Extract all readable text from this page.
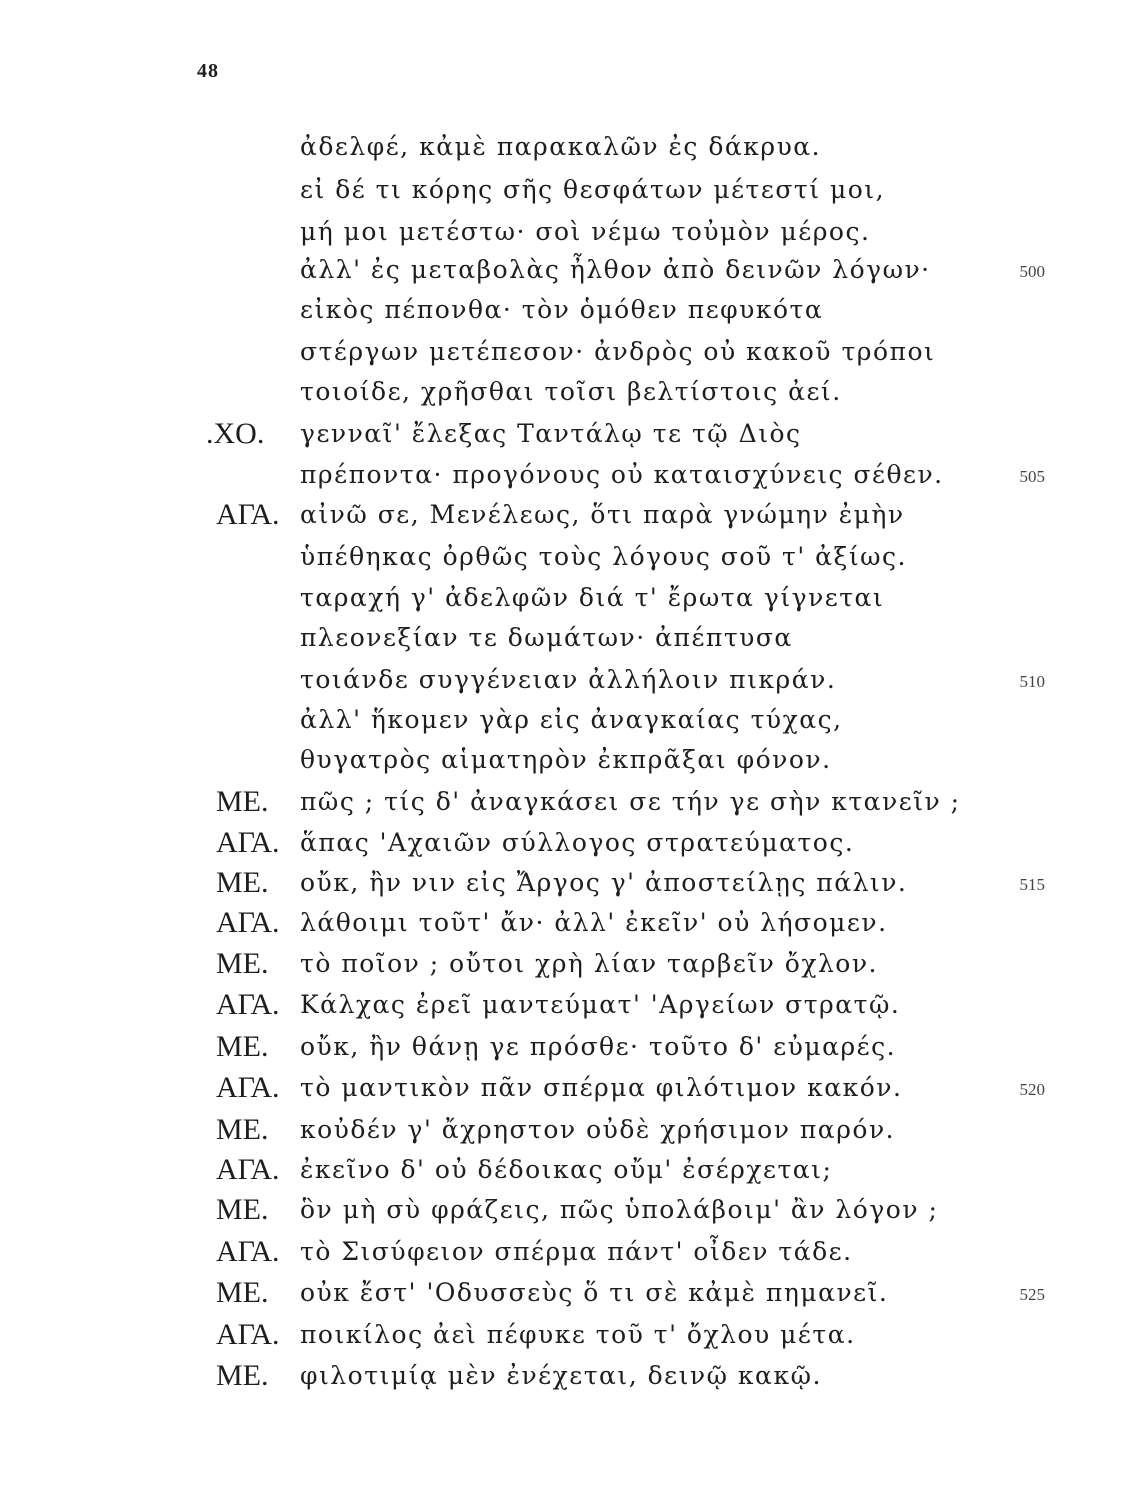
48
ἀδελφέ, κἀμὲ παρακαλῶν ἐς δάκρυα.
εἰ δέ τι κόρης σῆς θεσφάτων μέτεστί μοι,
μή μοι μετέστω· σοὶ νέμω τοὐμὸν μέρος.
ἀλλ' ἐς μεταβολὰς ἦλθον ἀπὸ δεινῶν λόγων·	500
εἰκὸς πέπονθα· τὸν ὁμόθεν πεφυκότα
στέργων μετέπεσον· ἀνδρὸς οὐ κακοῦ τρόποι
τοιοίδε, χρῆσθαι τοῖσι βελτίστοις ἀεί.
.ΧΟ. γενναῖ' ἔλεξας Ταντάλῳ τε τῷ Διὸς
πρέποντα· προγόνους οὐ καταισχύνεις σέθεν.	505
ΑΓΑ. αἰνῶ σε, Μενέλεως, ὅτι παρὰ γνώμην ἐμὴν
ὑπέθηκας ὀρθῶς τοὺς λόγους σοῦ τ' ἀξίως.
ταραχή γ' ἀδελφῶν διά τ' ἔρωτα γίγνεται
πλεονεξίαν τε δωμάτων· ἀπέπτυσα
τοιάνδε συγγένειαν ἀλλήλοιν πικράν.	510
ἀλλ' ἥκομεν γὰρ εἰς ἀναγκαίας τύχας,
θυγατρὸς αἱματηρὸν ἐκπρᾶξαι φόνον.
ΜΕ. πῶς ; τίς δ' ἀναγκάσει σε τήν γε σὴν κτανεῖν ;
ΑΓΑ. ἅπας 'Αχαιῶν σύλλογος στρατεύματος.
ΜΕ. οὔκ, ἢν νιν εἰς Ἄργος γ' ἀποστείλῃς πάλιν.	515
ΑΓΑ. λάθοιμι τοῦτ' ἄν· ἀλλ' ἐκεῖν' οὐ λήσομεν.
ΜΕ. τὸ ποῖον ; οὔτοι χρὴ λίαν ταρβεῖν ὄχλον.
ΑΓΑ. Κάλχας ἐρεῖ μαντεύματ' 'Αργείων στρατῷ.
ΜΕ. οὔκ, ἢν θάνῃ γε πρόσθε· τοῦτο δ' εὐμαρές.
ΑΓΑ. τὸ μαντικὸν πᾶν σπέρμα φιλότιμον κακόν.	520
ΜΕ. κοὐδέν γ' ἄχρηστον οὐδὲ χρήσιμον παρόν.
ΑΓΑ. ἐκεῖνο δ' οὐ δέδοικας οὔμ' ἐσέρχεται;
ΜΕ. ὃν μὴ σὺ φράζεις, πῶς ὑπολάβοιμ' ἂν λόγον ;
ΑΓΑ. τὸ Σισύφειον σπέρμα πάντ' οἶδεν τάδε.
ΜΕ. οὐκ ἔστ' 'Οδυσσεὺς ὅ τι σὲ κἀμὲ πημανεῖ.	525
ΑΓΑ. ποικίλος ἀεὶ πέφυκε τοῦ τ' ὄχλου μέτα.
ΜΕ. φιλοτιμίᾳ μὲν ἐνέχεται, δεινῷ κακῷ.
